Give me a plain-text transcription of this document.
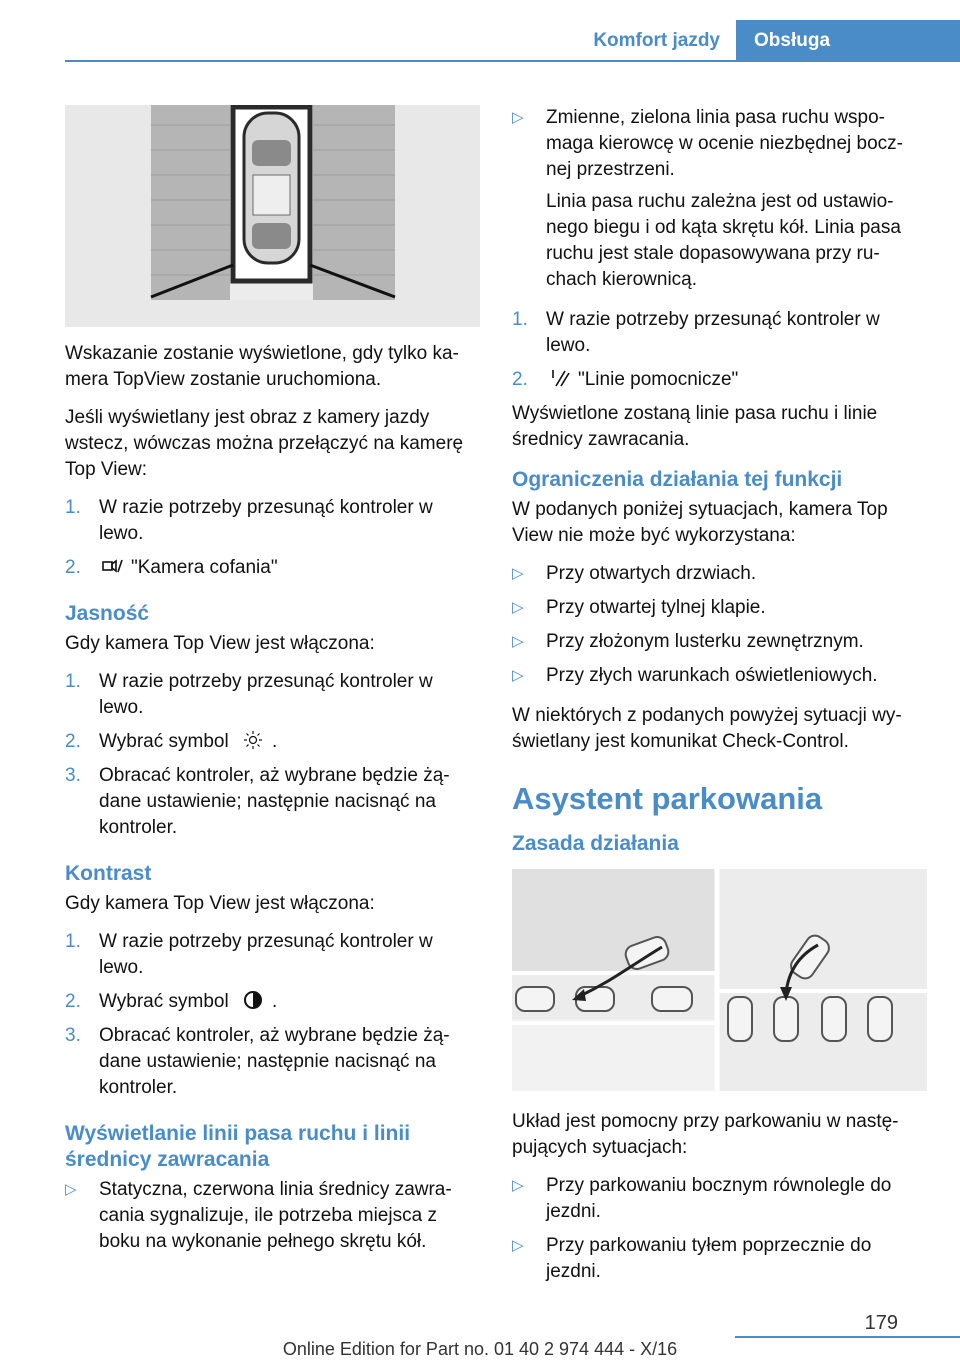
Komfort jazdy	Obsługa

Wskazanie zostanie wyświetlone, gdy tylko ka‐mera TopView zostanie uruchomiona.

Jeśli wyświetlany jest obraz z kamery jazdy wstecz, wówczas można przełączyć na kamerę Top View:

1. W razie potrzeby przesunąć kontroler w lewo.
2.	"Kamera cofania"
Jasność

Gdy kamera Top View jest włączona:

1. W razie potrzeby przesunąć kontroler w lewo.
2. Wybrać symbol .
3. Obracać kontroler, aż wybrane będzie żą‐dane ustawienie; następnie nacisnąć na kontroler.
Kontrast

Gdy kamera Top View jest włączona:

1. W razie potrzeby przesunąć kontroler w lewo.
2. Wybrać symbol .
3. Obracać kontroler, aż wybrane będzie żą‐dane ustawienie; następnie nacisnąć na kontroler.
Wyświetlanie linii pasa ruchu i linii średnicy zawracania
▷ Statyczna, czerwona linia średnicy zawra‐cania sygnalizuje, ile potrzeba miejsca z boku na wykonanie pełnego skrętu kół.
▷ Zmienne, zielona linia pasa ruchu wspo‐maga kierowcę w ocenie niezbędnej bocz‐nej przestrzeni.
Linia pasa ruchu zależna jest od ustawio‐nego biegu i od kąta skrętu kół. Linia pasa ruchu jest stale dopasowywana przy ru‐chach kierownicą.
1. W razie potrzeby przesunąć kontroler w lewo.
2.	"Linie pomocnicze"

Wyświetlone zostaną linie pasa ruchu i linie średnicy zawracania.

Ograniczenia działania tej funkcji

W podanych poniżej sytuacjach, kamera Top View nie może być wykorzystana:

▷ Przy otwartych drzwiach.
▷ Przy otwartej tylnej klapie.
▷ Przy złożonym lusterku zewnętrznym.
▷ Przy złych warunkach oświetleniowych.

W niektórych z podanych powyżej sytuacji wy‐świetlany jest komunikat Check-Control.

Asystent parkowania
Zasada działania

Układ jest pomocny przy parkowaniu w nastę‐pujących sytuacjach:

▷ Przy parkowaniu bocznym równolegle do jezdni.
▷ Przy parkowaniu tyłem poprzecznie do jezdni.
179
Online Edition for Part no. 01 40 2 974 444 - X/16
